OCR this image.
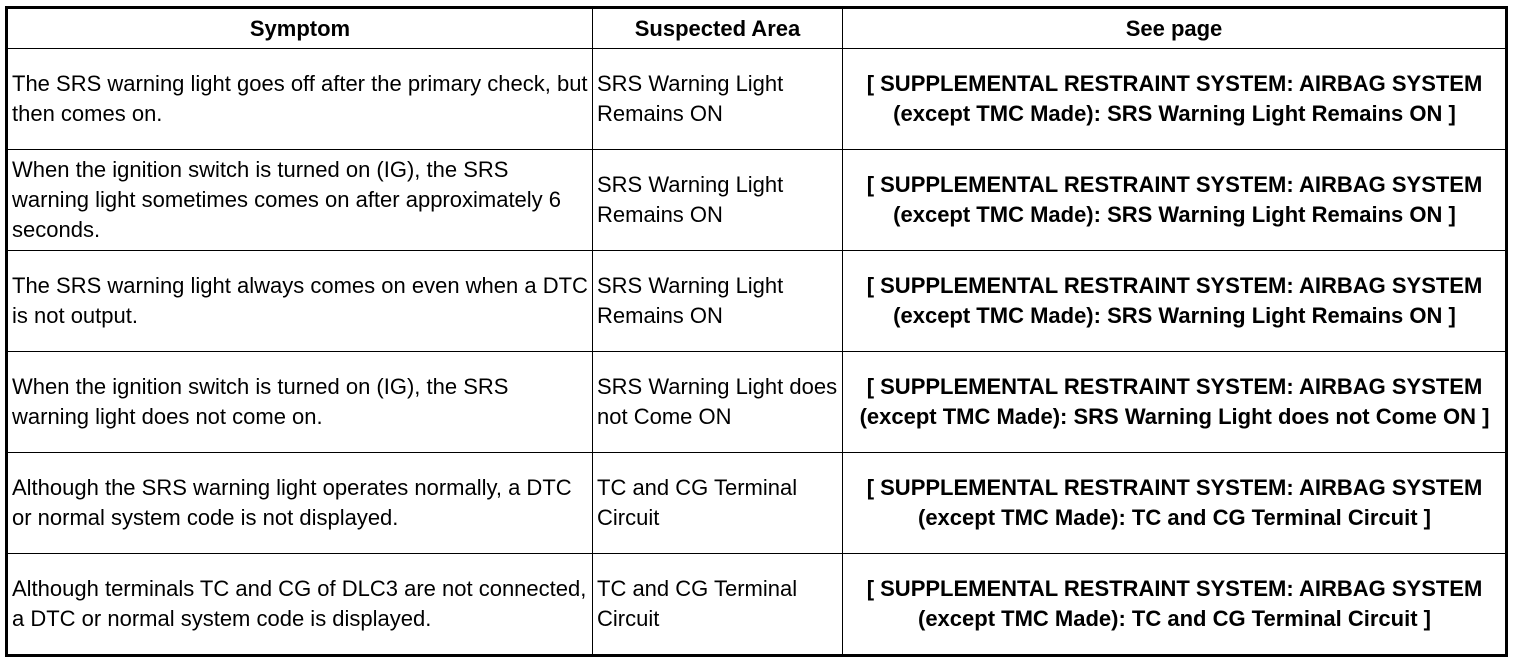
Symptom	Suspected Area	See page
The SRS warning light goes off after the primary check, but then comes on.	SRS Warning Light Remains ON	[ SUPPLEMENTAL RESTRAINT SYSTEM: AIRBAG SYSTEM (except TMC Made): SRS Warning Light Remains ON ]
When the ignition switch is turned on (IG), the SRS warning light sometimes comes on after approximately 6 seconds.	SRS Warning Light Remains ON	[ SUPPLEMENTAL RESTRAINT SYSTEM: AIRBAG SYSTEM (except TMC Made): SRS Warning Light Remains ON ]
The SRS warning light always comes on even when a DTC is not output.	SRS Warning Light Remains ON	[ SUPPLEMENTAL RESTRAINT SYSTEM: AIRBAG SYSTEM (except TMC Made): SRS Warning Light Remains ON ]
When the ignition switch is turned on (IG), the SRS warning light does not come on.	SRS Warning Light does not Come ON	[ SUPPLEMENTAL RESTRAINT SYSTEM: AIRBAG SYSTEM (except TMC Made): SRS Warning Light does not Come ON ]
Although the SRS warning light operates normally, a DTC or normal system code is not displayed.	TC and CG Terminal Circuit	[ SUPPLEMENTAL RESTRAINT SYSTEM: AIRBAG SYSTEM (except TMC Made): TC and CG Terminal Circuit ]
Although terminals TC and CG of DLC3 are not connected, a DTC or normal system code is displayed.	TC and CG Terminal Circuit	[ SUPPLEMENTAL RESTRAINT SYSTEM: AIRBAG SYSTEM (except TMC Made): TC and CG Terminal Circuit ]
